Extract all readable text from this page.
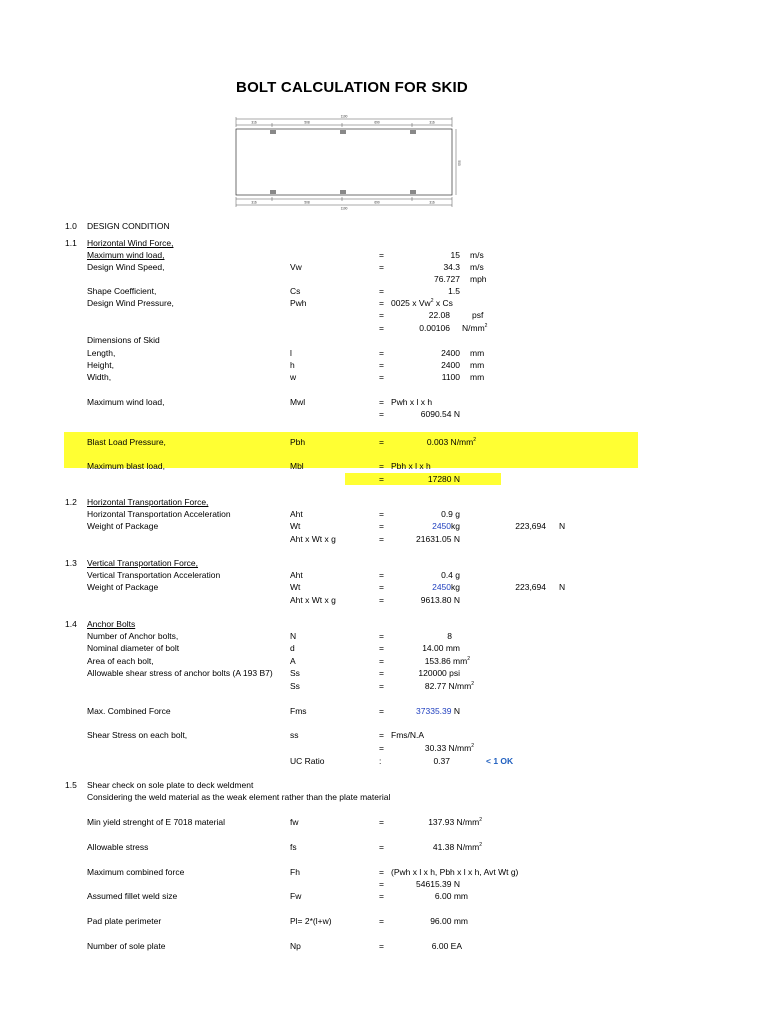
BOLT CALCULATION FOR SKID
1100
316	508	690	316
316	508	690	316
1100
500
1.0 DESIGN CONDITION
1.1 Horizontal Wind Force,
Maximum wind load,	=	15 m/s
Design Wind Speed,	Vw	=	34.3 m/s
76.727 mph
Shape Coefficient,	Cs	=	1.5
Design Wind Pressure,	Pwh	= 0025 x Vw$^2$ x Cs
=	22.08	psf
=	0.00106 $N/mm^2$
Dimensions of Skid
Length,	l	=	2400 mm
Height,	h	=	2400 mm
Width,	w	=	1100 mm
Maximum wind load,	Mwl	= Pwh x l x h
=	6090.54 N
Blast Load Pressure,	Pbh	=	0.003 $N/mm^2$
Maximum blast load,	Mbl	= Pbh x l x h
=	17280 N
1.2 Horizontal Transportation Force,
Horizontal Transportation Acceleration	Aht	=	0.9 g
Weight of Package	Wt	=	2450kg	223,694 N
Aht x Wt x g	=	21631.05 N
1.3 Vertical Transportation Force,
Vertical Transportation Acceleration	Aht	=	0.4 g
Weight of Package	Wt	=	2450kg	223,694 N
Aht x Wt x g	=	9613.80 N
1.4 Anchor Bolts
Number of Anchor bolts,	N	=	8
Nominal diameter of bolt	d	=	14.00 mm
Area of each bolt,	A	=	153.86 $mm^2$
Allowable shear stress of anchor bolts (A 193 B7) Ss	=	120000 psi
Ss	=	82.77 $N/mm^2$
Max. Combined Force	Fms	=	37335.39 N
Shear Stress on each bolt,	ss	= Fms/N.A
=	30.33 $N/mm^2$
UC Ratio	:	0.37	< 1 OK
1.5 Shear check on sole plate to deck weldment
Considering the weld material as the weak element rather than the plate material
Min yield strenght of E 7018 material	fw	=	137.93 $N/mm^2$
Allowable stress	fs	=	41.38 $N/mm^2$
Maximum combined force	Fh	= (Pwh x l x h, Pbh x l x h, Avt Wt g)
=	54615.39 N
Assumed fillet weld size	Fw	=	6.00 mm
Pad plate perimeter	Pl= 2*(l+w)	=	96.00 mm
Number of sole plate	Np	=	6.00 EA
